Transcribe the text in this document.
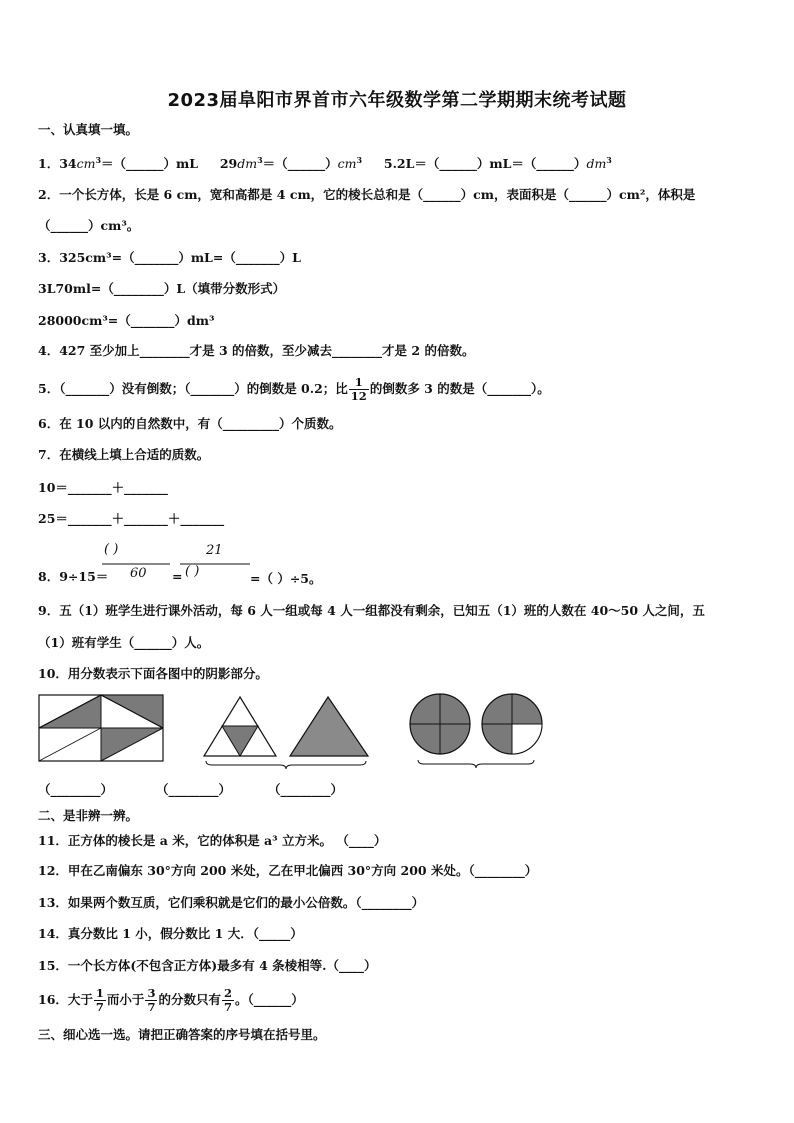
2023届阜阳市界首市六年级数学第二学期期末统考试题
一、认真填一填。
1．$34cm^3=(\_\_\_\_\_\_)mL$ $29dm^3=(\_\_\_\_\_\_)cm^3$ $5.2L=(\_\_\_\_\_\_)mL=(\_\_\_\_\_\_)dm^3$
2．一个长方体，长是 6 cm，宽和高都是 4 cm，它的棱长总和是（______）cm，表面积是（______）cm²，体积是
（______）cm³。
3．325cm³=（_______）mL=（_______）L
3L70ml=（________）L（填带分数形式）
28000cm³=（_______）dm³
4．427 至少加上________才是 3 的倍数，至少减去________才是 2 的倍数。
5．（_______）没有倒数；（_______）的倒数是 0.2；比 $\frac{1}{12}$ 的倒数多 3 的数是（_______）。
6．在 10 以内的自然数中，有（_________）个质数。
7．在横线上填上合适的质数。
10＝_______＋_______
25＝_______＋_______＋_______
( )
60
21
( )
8．9÷15＝	=	=（ ）÷5。
9．五（1）班学生进行课外活动，每 6 人一组或每 4 人一组都没有剩余，已知五（1）班的人数在 40～50 人之间，五
（1）班有学生（______）人。
10．用分数表示下面各图中的阴影部分。
（________）	（________）	（________）
二、是非辨一辨。
11．正方体的棱长是 a 米，它的体积是 a³ 立方米。 （____）
12．甲在乙南偏东 30°方向 200 米处，乙在甲北偏西 30°方向 200 米处。（________）
13．如果两个数互质，它们乘积就是它们的最小公倍数。（________）
14．真分数比 1 小，假分数比 1 大．（_____）
15．一个长方体(不包含正方体)最多有 4 条棱相等.（____）
16．大于 $\frac{1}{7}$ 而小于 $\frac{3}{7}$ 的分数只有 $\frac{2}{7}$ 。（______）
三、细心选一选。请把正确答案的序号填在括号里。
